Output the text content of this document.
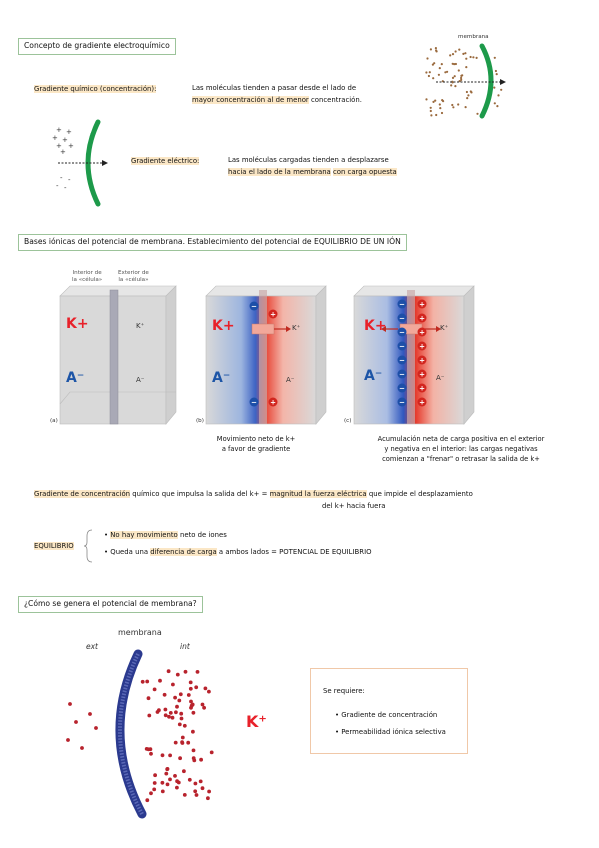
Concepto de gradiente electroquímico
Gradiente químico (concentración):	Las moléculas tienden a pasar desde el lado de
mayor concentración al de menor concentración.
membrana
+ +
+ +
+ +
+
- -
- -
-
-
-
Gradiente eléctrico:	Las moléculas cargadas tienden a desplazarse
hacia el lado de la membrana con carga opuesta
Bases iónicas del potencial de membrana. Establecimiento del potencial de EQUILIBRIO DE UN IÓN
Interior de
la «célula»
Exterior de
la «célula»
K+	K⁺
A⁻	A⁻
(a)
−
−
+
+
K+	K⁺
A⁻	A⁻
(b)
− +
− +
− +
− +
− +
− +
− +
− +
K+	K⁺
A⁻	A⁻
(c)
Movimiento neto de k+
a favor de gradiente
Acumulación neta de carga positiva en el exterior
y negativa en el interior: las cargas negativas
comienzan a "frenar" o retrasar la salida de k+
Gradiente de concentración químico que impulsa la salida del k+ = magnitud la fuerza eléctrica que impide el desplazamiento
del k+ hacia fuera
EQUILIBRIO
• No hay movimiento neto de iones
• Queda una diferencia de carga a ambos lados = POTENCIAL DE EQUILIBRIO
¿Cómo se genera el potencial de membrana?
membrana
ext	int
K⁺
Se requiere:
• Gradiente de concentración
• Permeabilidad iónica selectiva
